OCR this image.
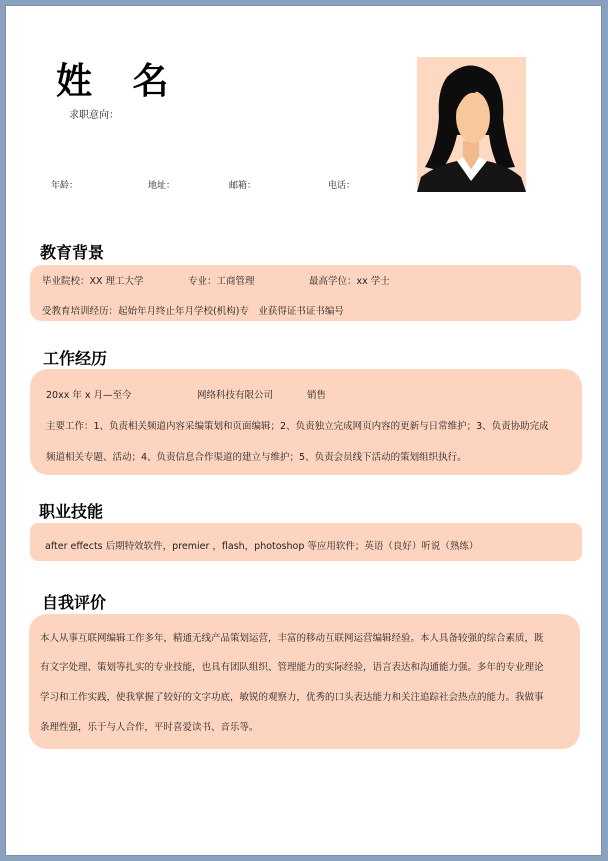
姓 名
求职意向：
年龄：	地址：	邮箱：	电话：
教育背景
毕业院校：XX 理工大学	专业：工商管理	最高学位：xx 学士
受教育培训经历：起始年月终止年月学校(机构)专　业获得证书证书编号
工作经历
20xx 年 x 月—至今	网络科技有限公司	销售
主要工作：1、负责相关频道内容采编策划和页面编辑；2、负责独立完成网页内容的更新与日常维护；3、负责协助完成
频道相关专题、活动；4、负责信息合作渠道的建立与维护；5、负责会员线下活动的策划组织执行。
职业技能
after effects 后期特效软件，premier ，flash，photoshop 等应用软件；英语（良好）听说（熟练）
自我评价
本人从事互联网编辑工作多年，精通无线产品策划运营，丰富的移动互联网运营编辑经验。本人具备较强的综合素质，既
有文字处理、策划等扎实的专业技能，也具有团队组织、管理能力的实际经验，语言表达和沟通能力强。多年的专业理论
学习和工作实践，使我掌握了较好的文字功底，敏锐的观察力，优秀的口头表达能力和关注追踪社会热点的能力。我做事
条理性强，乐于与人合作，平时喜爱读书、音乐等。
